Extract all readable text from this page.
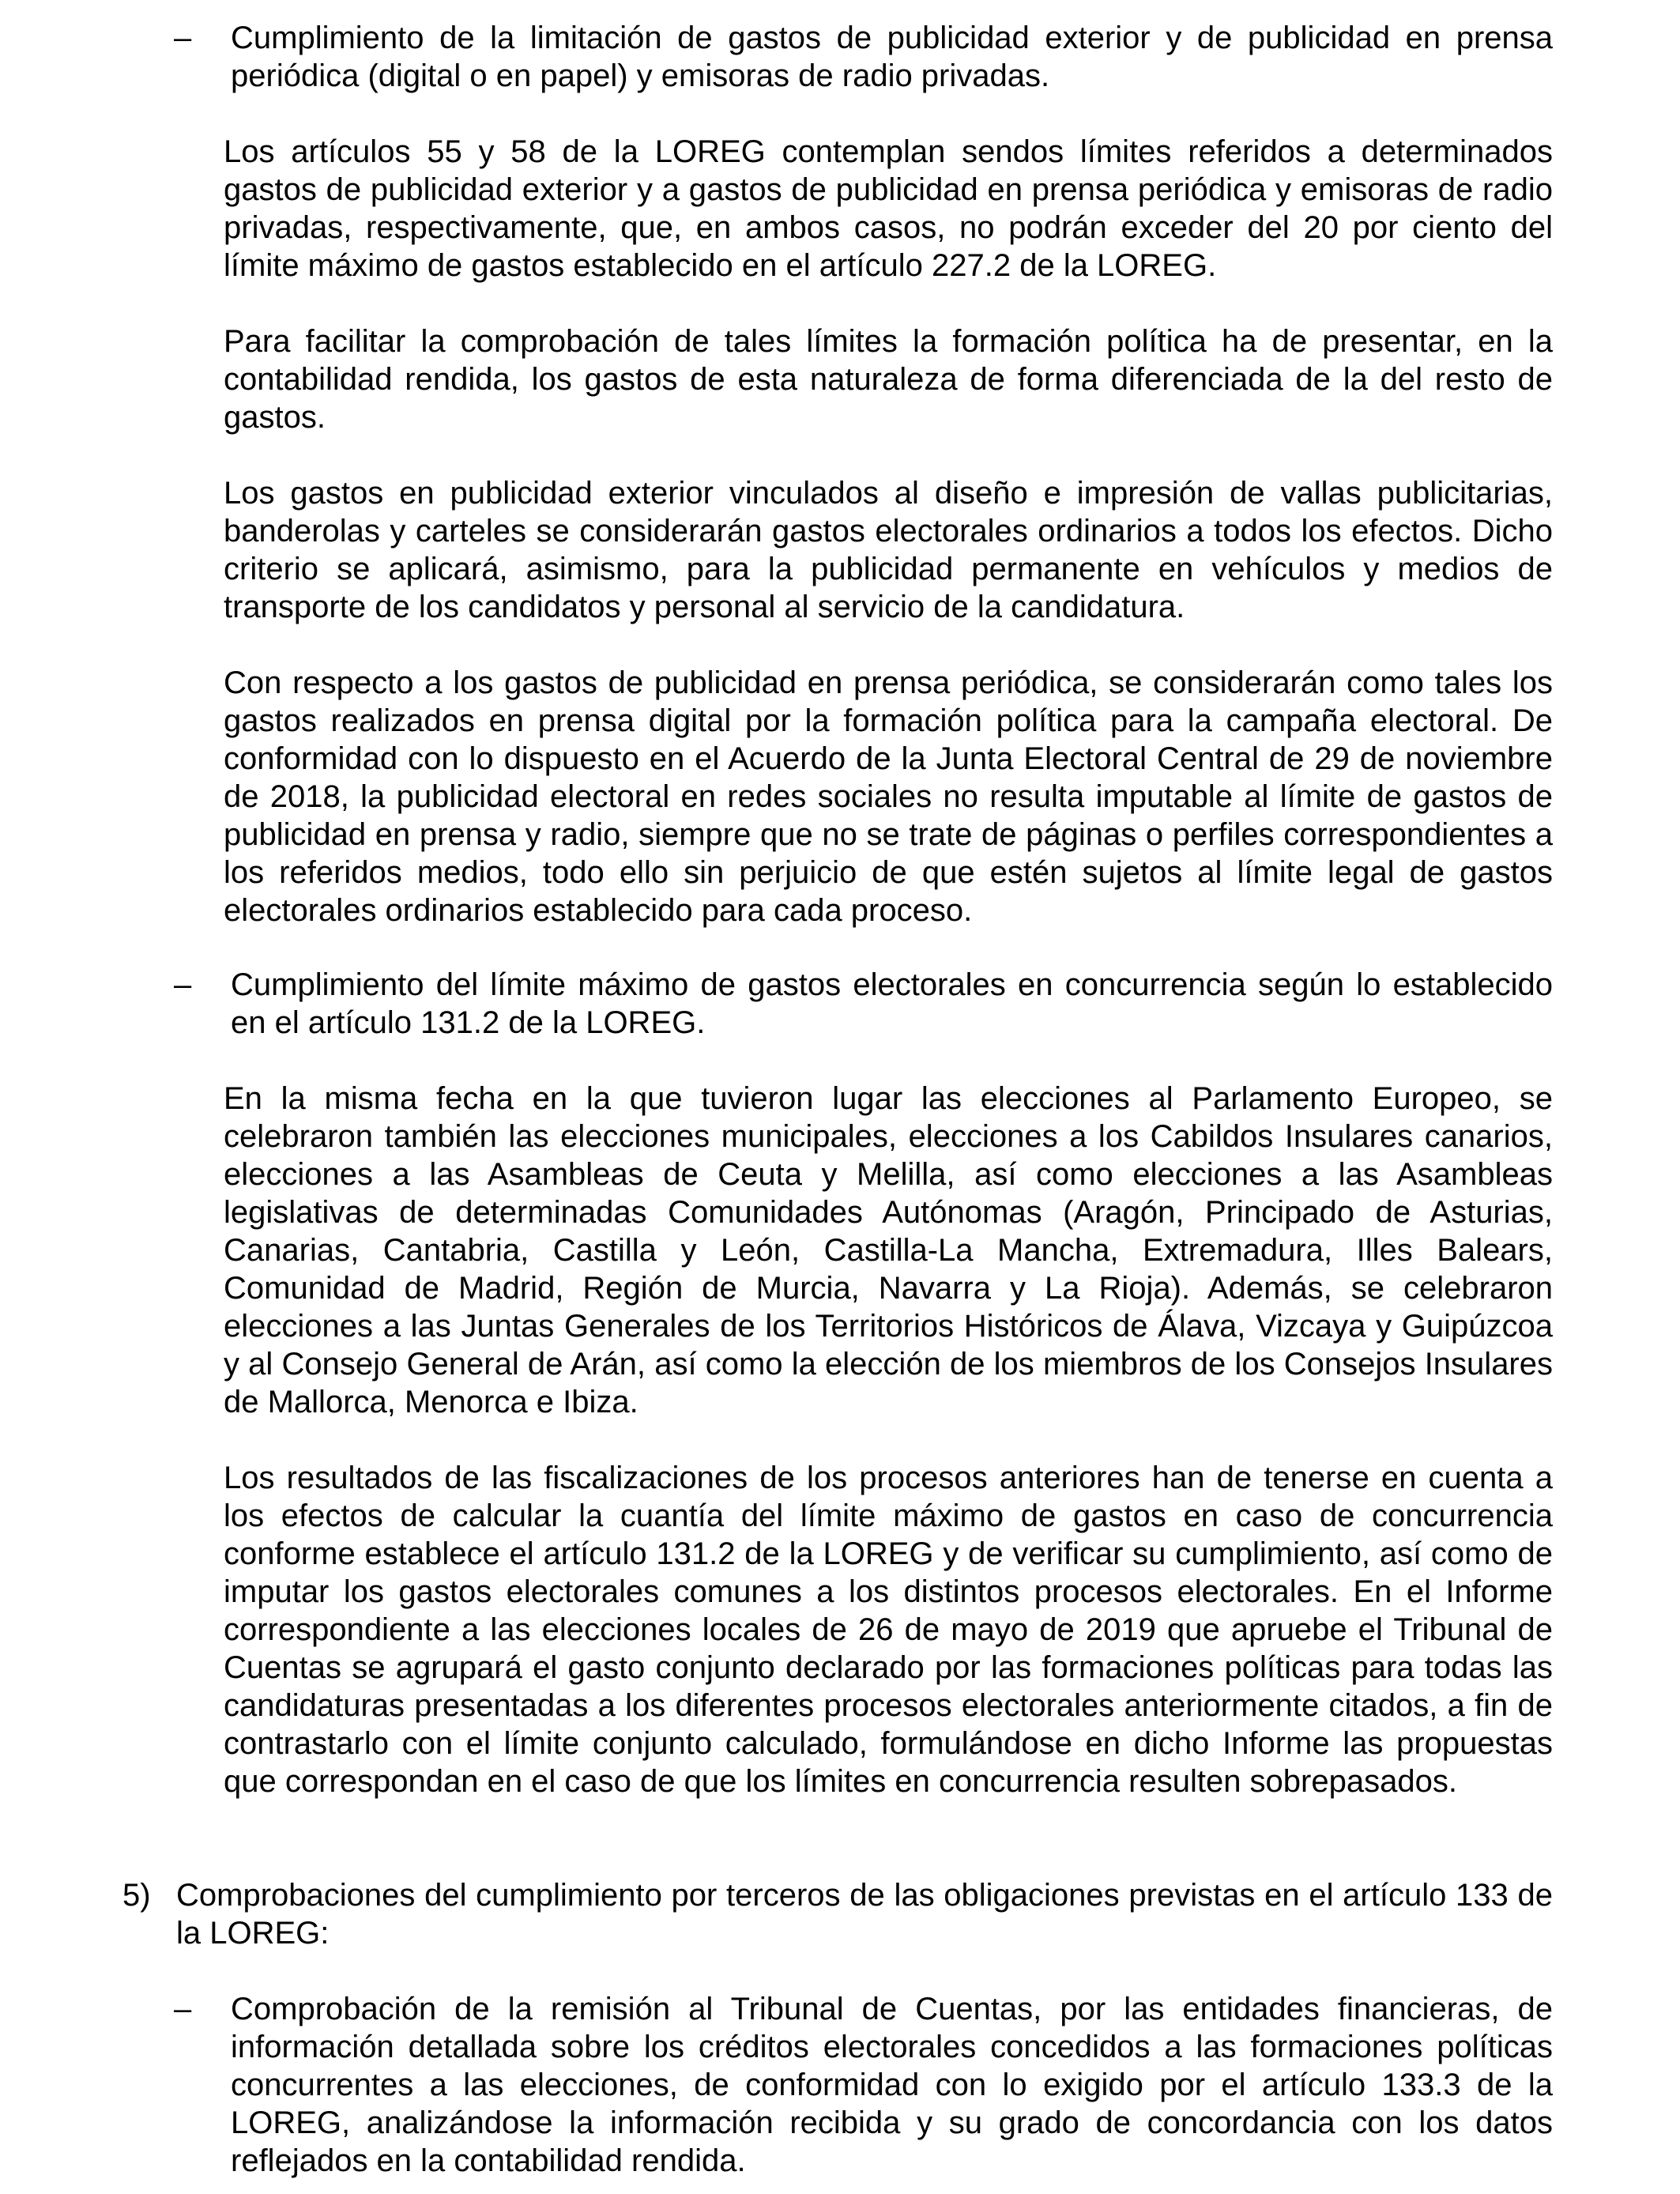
–	Cumplimiento de la limitación de gastos de publicidad exterior y de publicidad en prensa periódica (digital o en papel) y emisoras de radio privadas.

Los artículos 55 y 58 de la LOREG contemplan sendos límites referidos a determinados gastos de publicidad exterior y a gastos de publicidad en prensa periódica y emisoras de radio privadas, respectivamente, que, en ambos casos, no podrán exceder del 20 por ciento del límite máximo de gastos establecido en el artículo 227.2 de la LOREG.

Para facilitar la comprobación de tales límites la formación política ha de presentar, en la contabilidad rendida, los gastos de esta naturaleza de forma diferenciada de la del resto de gastos.

Los gastos en publicidad exterior vinculados al diseño e impresión de vallas publicitarias, banderolas y carteles se considerarán gastos electorales ordinarios a todos los efectos. Dicho criterio se aplicará, asimismo, para la publicidad permanente en vehículos y medios de transporte de los candidatos y personal al servicio de la candidatura.

Con respecto a los gastos de publicidad en prensa periódica, se considerarán como tales los gastos realizados en prensa digital por la formación política para la campaña electoral. De conformidad con lo dispuesto en el Acuerdo de la Junta Electoral Central de 29 de noviembre de 2018, la publicidad electoral en redes sociales no resulta imputable al límite de gastos de publicidad en prensa y radio, siempre que no se trate de páginas o perfiles correspondientes a los referidos medios, todo ello sin perjuicio de que estén sujetos al límite legal de gastos electorales ordinarios establecido para cada proceso.

–	Cumplimiento del límite máximo de gastos electorales en concurrencia según lo establecido en el artículo 131.2 de la LOREG.

En la misma fecha en la que tuvieron lugar las elecciones al Parlamento Europeo, se celebraron también las elecciones municipales, elecciones a los Cabildos Insulares canarios, elecciones a las Asambleas de Ceuta y Melilla, así como elecciones a las Asambleas legislativas de determinadas Comunidades Autónomas (Aragón, Principado de Asturias, Canarias, Cantabria, Castilla y León, Castilla-La Mancha, Extremadura, Illes Balears, Comunidad de Madrid, Región de Murcia, Navarra y La Rioja). Además, se celebraron elecciones a las Juntas Generales de los Territorios Históricos de Álava, Vizcaya y Guipúzcoa y al Consejo General de Arán, así como la elección de los miembros de los Consejos Insulares de Mallorca, Menorca e Ibiza.

Los resultados de las fiscalizaciones de los procesos anteriores han de tenerse en cuenta a los efectos de calcular la cuantía del límite máximo de gastos en caso de concurrencia conforme establece el artículo 131.2 de la LOREG y de verificar su cumplimiento, así como de imputar los gastos electorales comunes a los distintos procesos electorales. En el Informe correspondiente a las elecciones locales de 26 de mayo de 2019 que apruebe el Tribunal de Cuentas se agrupará el gasto conjunto declarado por las formaciones políticas para todas las candidaturas presentadas a los diferentes procesos electorales anteriormente citados, a fin de contrastarlo con el límite conjunto calculado, formulándose en dicho Informe las propuestas que correspondan en el caso de que los límites en concurrencia resulten sobrepasados.

5) Comprobaciones del cumplimiento por terceros de las obligaciones previstas en el artículo 133 de la LOREG:

–	Comprobación de la remisión al Tribunal de Cuentas, por las entidades financieras, de información detallada sobre los créditos electorales concedidos a las formaciones políticas concurrentes a las elecciones, de conformidad con lo exigido por el artículo 133.3 de la LOREG, analizándose la información recibida y su grado de concordancia con los datos reflejados en la contabilidad rendida.
